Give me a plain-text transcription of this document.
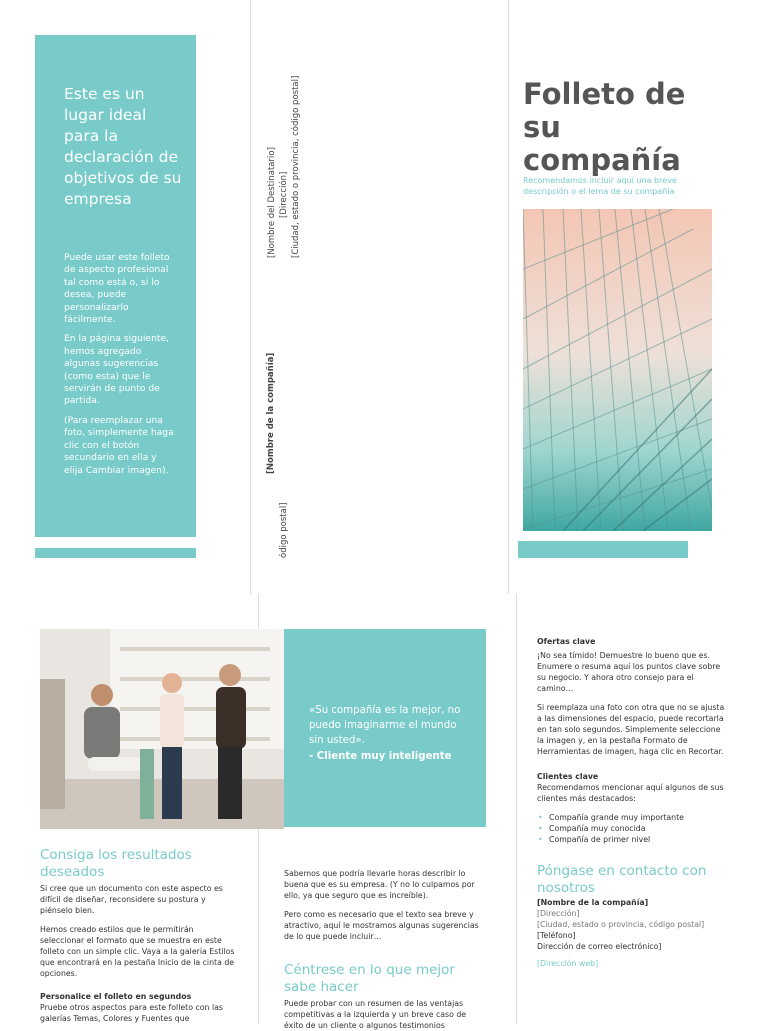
Este es un lugar ideal para la declaración de objetivos de su empresa

Puede usar este folleto de aspecto profesional tal como está o, si lo desea, puede personalizarlo fácilmente.

En la página siguiente, hemos agregado algunas sugerencias (como esta) que le servirán de punto de partida.

(Para reemplazar una foto, simplemente haga clic con el botón secundario en ella y elija Cambiar imagen).

[Nombre del Destinatario] [Dirección] [Ciudad, estado o provincia, código postal]
[Nombre de la compañía]
ódigo postal]
Folleto de su compañía
Recomendamos incluir aquí una breve descripción o el lema de su compañía
«Su compañía es la mejor, no puedo imaginarme el mundo sin usted».
- Cliente muy inteligente
Consiga los resultados deseados

Si cree que un documento con este aspecto es difícil de diseñar, reconsidere su postura y piénselo bien.

Hemos creado estilos que le permitirán seleccionar el formato que se muestra en este folleto con un simple clic. Vaya a la galería Estilos que encontrará en la pestaña Inicio de la cinta de opciones.

Personalice el folleto en segundos
Pruebe otros aspectos para este folleto con las galerías Temas, Colores y Fuentes que

Sabemos que podría llevarle horas describir lo buena que es su empresa. (Y no lo culpamos por ello, ya que seguro que es increíble).

Pero como es necesario que el texto sea breve y atractivo, aquí le mostramos algunas sugerencias de lo que puede incluir…

Céntrese en lo que mejor sabe hacer
Puede probar con un resumen de las ventajas competitivas a la izquierda y un breve caso de éxito de un cliente o algunos testimonios
Ofertas clave

¡No sea tímido! Demuestre lo bueno que es. Enumere o resuma aquí los puntos clave sobre su negocio. Y ahora otro consejo para el camino…

Si reemplaza una foto con otra que no se ajusta a las dimensiones del espacio, puede recortarla en tan solo segundos. Simplemente seleccione la imagen y, en la pestaña Formato de Herramientas de imagen, haga clic en Recortar.

Clientes clave
Recomendamos mencionar aquí algunos de sus clientes más destacados:
• Compañía grande muy importante
• Compañía muy conocida
• Compañía de primer nivel
Póngase en contacto con nosotros
[Nombre de la compañía]
[Dirección]
[Ciudad, estado o provincia, código postal]
[Teléfono]
Dirección de correo electrónico]
[Dirección web]
